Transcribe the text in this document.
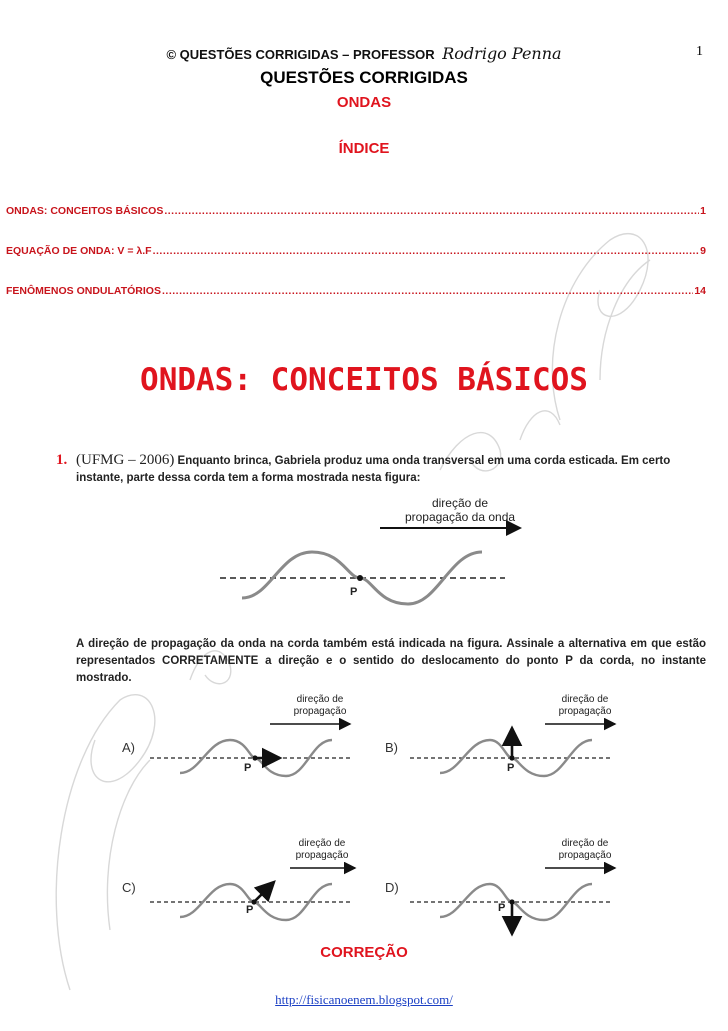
© QUESTÕES CORRIGIDAS – PROFESSOR Rodrigo Penna	1
QUESTÕES CORRIGIDAS
ONDAS
ÍNDICE
ONDAS: CONCEITOS BÁSICOS .....	1
EQUAÇÃO DE ONDA: V = λ.F .....	9
FENÔMENOS ONDULATÓRIOS .....	14
ONDAS: CONCEITOS BÁSICOS
1. (UFMG – 2006) Enquanto brinca, Gabriela produz uma onda transversal em uma corda esticada. Em certo instante, parte dessa corda tem a forma mostrada nesta figura:
direção de
propagação da onda
P
A direção de propagação da onda na corda também está indicada na figura. Assinale a alternativa em que estão representados CORRETAMENTE a direção e o sentido do deslocamento do ponto P da corda, no instante mostrado.
A)
direção de
propagação
P
B)
direção de
propagação
P
C)
direção de
propagação
P
D)
direção de
propagação
P
CORREÇÃO
http://fisicanoenem.blogspot.com/
